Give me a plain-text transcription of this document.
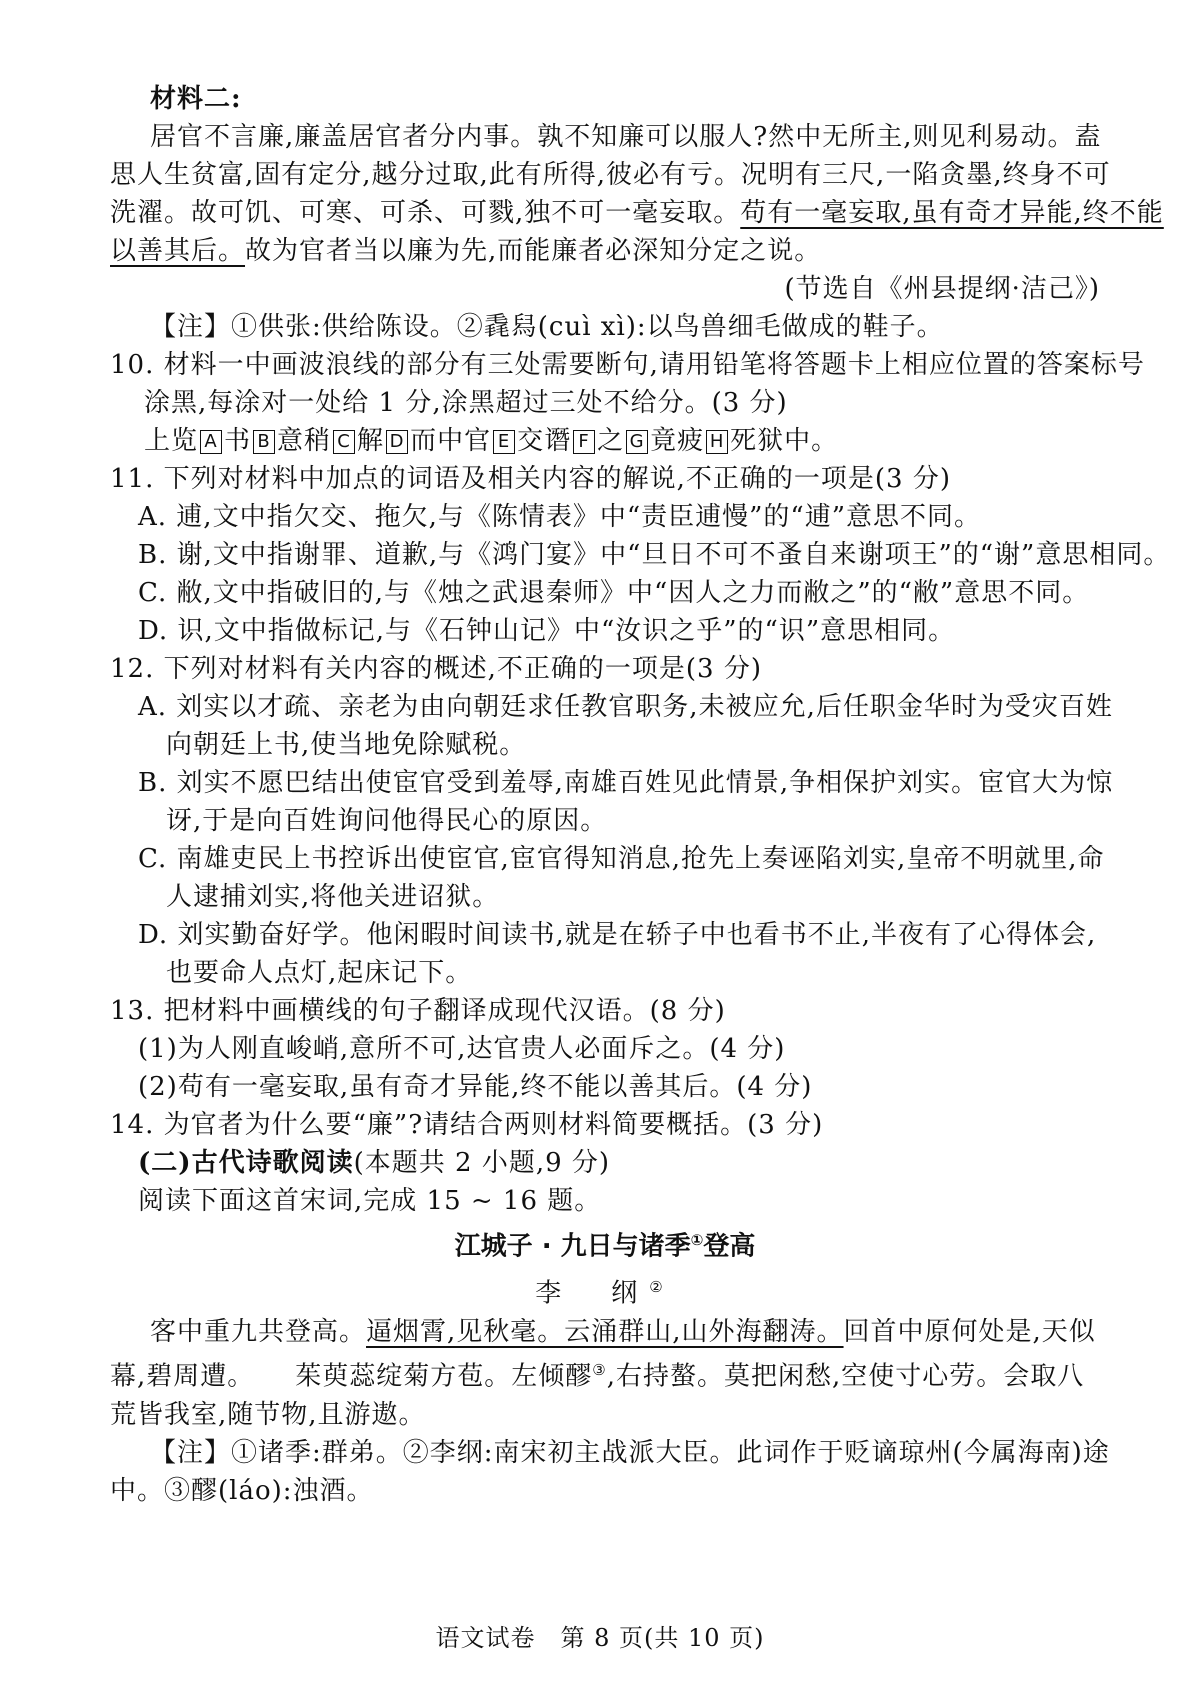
材料二:

居官不言廉,廉盖居官者分内事。孰不知廉可以服人?然中无所主,则见利易动。盍

思人生贫富,固有定分,越分过取,此有所得,彼必有亏。况明有三尺,一陷贪墨,终身不可

洗濯。故可饥、可寒、可杀、可戮,独不可一毫妄取。苟有一毫妄取,虽有奇才异能,终不能

以善其后。故为官者当以廉为先,而能廉者必深知分定之说。

(节选自《州县提纲·洁己》)

【注】①供张:供给陈设。②毳舄(cuì xì):以鸟兽细毛做成的鞋子。

10. 材料一中画波浪线的部分有三处需要断句,请用铅笔将答题卡上相应位置的答案标号

涂黑,每涂对一处给 1 分,涂黑超过三处不给分。(3 分)

上览 A 书 B 意稍 C 解 D 而中官 E 交谮 F 之 G 竟疲 H 死狱中。

11. 下列对材料中加点的词语及相关内容的解说,不正确的一项是(3 分)

A. 逋,文中指欠交、拖欠,与《陈情表》中“责臣逋慢”的“逋”意思不同。

B. 谢,文中指谢罪、道歉,与《鸿门宴》中“旦日不可不蚤自来谢项王”的“谢”意思相同。

C. 敝,文中指破旧的,与《烛之武退秦师》中“因人之力而敝之”的“敝”意思不同。

D. 识,文中指做标记,与《石钟山记》中“汝识之乎”的“识”意思相同。

12. 下列对材料有关内容的概述,不正确的一项是(3 分)

A. 刘实以才疏、亲老为由向朝廷求任教官职务,未被应允,后任职金华时为受灾百姓

向朝廷上书,使当地免除赋税。

B. 刘实不愿巴结出使宦官受到羞辱,南雄百姓见此情景,争相保护刘实。宦官大为惊

讶,于是向百姓询问他得民心的原因。

C. 南雄吏民上书控诉出使宦官,宦官得知消息,抢先上奏诬陷刘实,皇帝不明就里,命

人逮捕刘实,将他关进诏狱。

D. 刘实勤奋好学。他闲暇时间读书,就是在轿子中也看书不止,半夜有了心得体会,

也要命人点灯,起床记下。

13. 把材料中画横线的句子翻译成现代汉语。(8 分)

(1)为人刚直峻峭,意所不可,达官贵人必面斥之。(4 分)

(2)苟有一毫妄取,虽有奇才异能,终不能以善其后。(4 分)

14. 为官者为什么要“廉”?请结合两则材料简要概括。(3 分)

(二)古代诗歌阅读(本题共 2 小题,9 分)

阅读下面这首宋词,完成 15 ~ 16 题。

江城子 · 九日与诸季①登高

李　纲②

客中重九共登高。逼烟霄,见秋毫。云涌群山,山外海翻涛。回首中原何处是,天似

幕,碧周遭。　　茱萸蕊绽菊方苞。左倾醪③,右持螯。莫把闲愁,空使寸心劳。会取八

荒皆我室,随节物,且游遨。

【注】①诸季:群弟。②李纲:南宋初主战派大臣。此词作于贬谪琼州(今属海南)途

中。③醪(láo):浊酒。

语文试卷　第 8 页(共 10 页)
